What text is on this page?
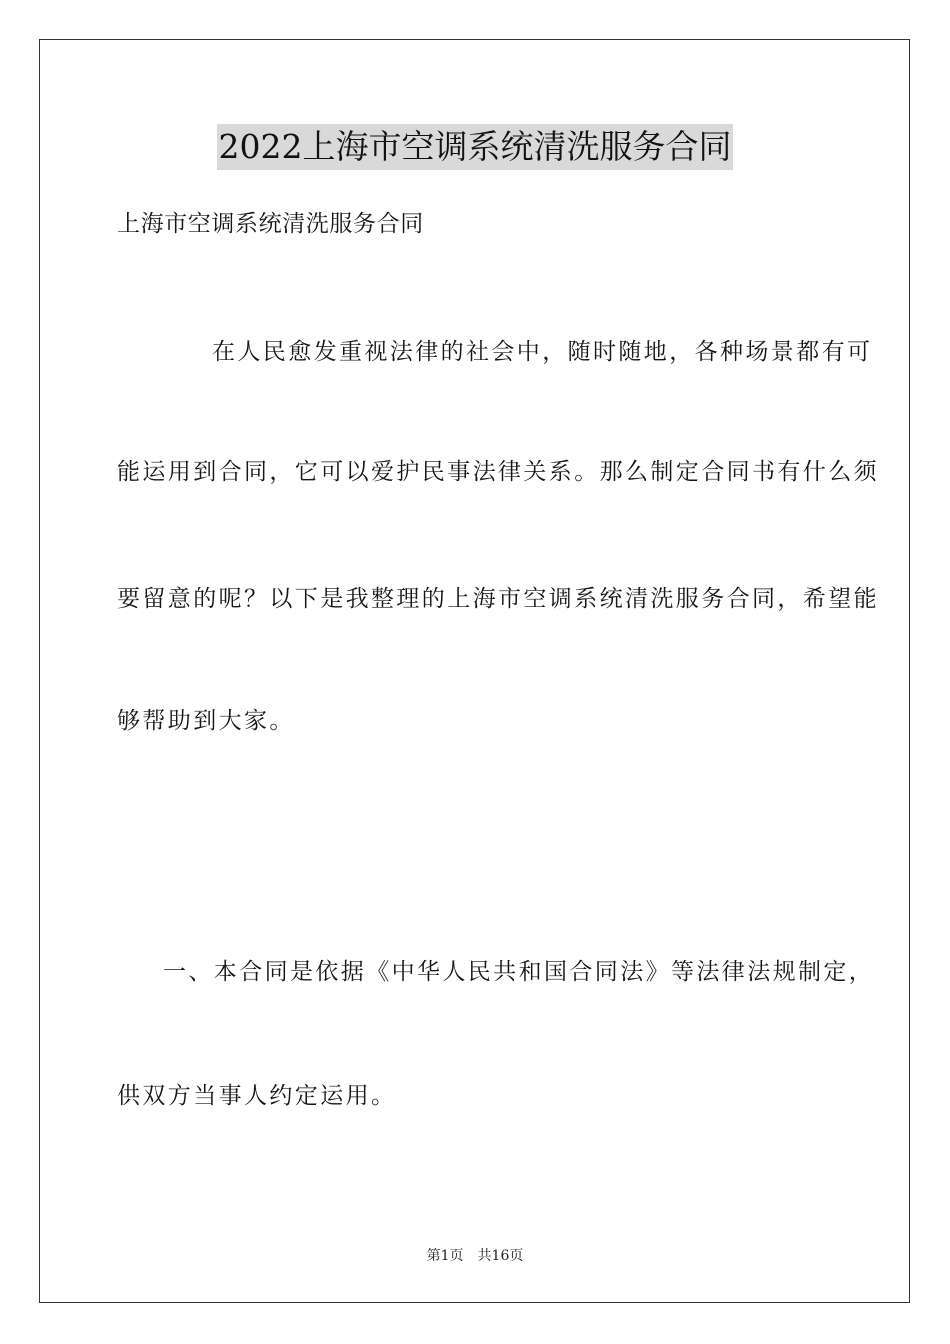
2022上海市空调系统清洗服务合同
上海市空调系统清洗服务合同
在人民愈发重视法律的社会中，随时随地，各种场景都有可
能运用到合同，它可以爱护民事法律关系。那么制定合同书有什么须
要留意的呢？以下是我整理的上海市空调系统清洗服务合同，希望能
够帮助到大家。
一、本合同是依据《中华人民共和国合同法》等法律法规制定，
供双方当事人约定运用。
第1页　共16页
